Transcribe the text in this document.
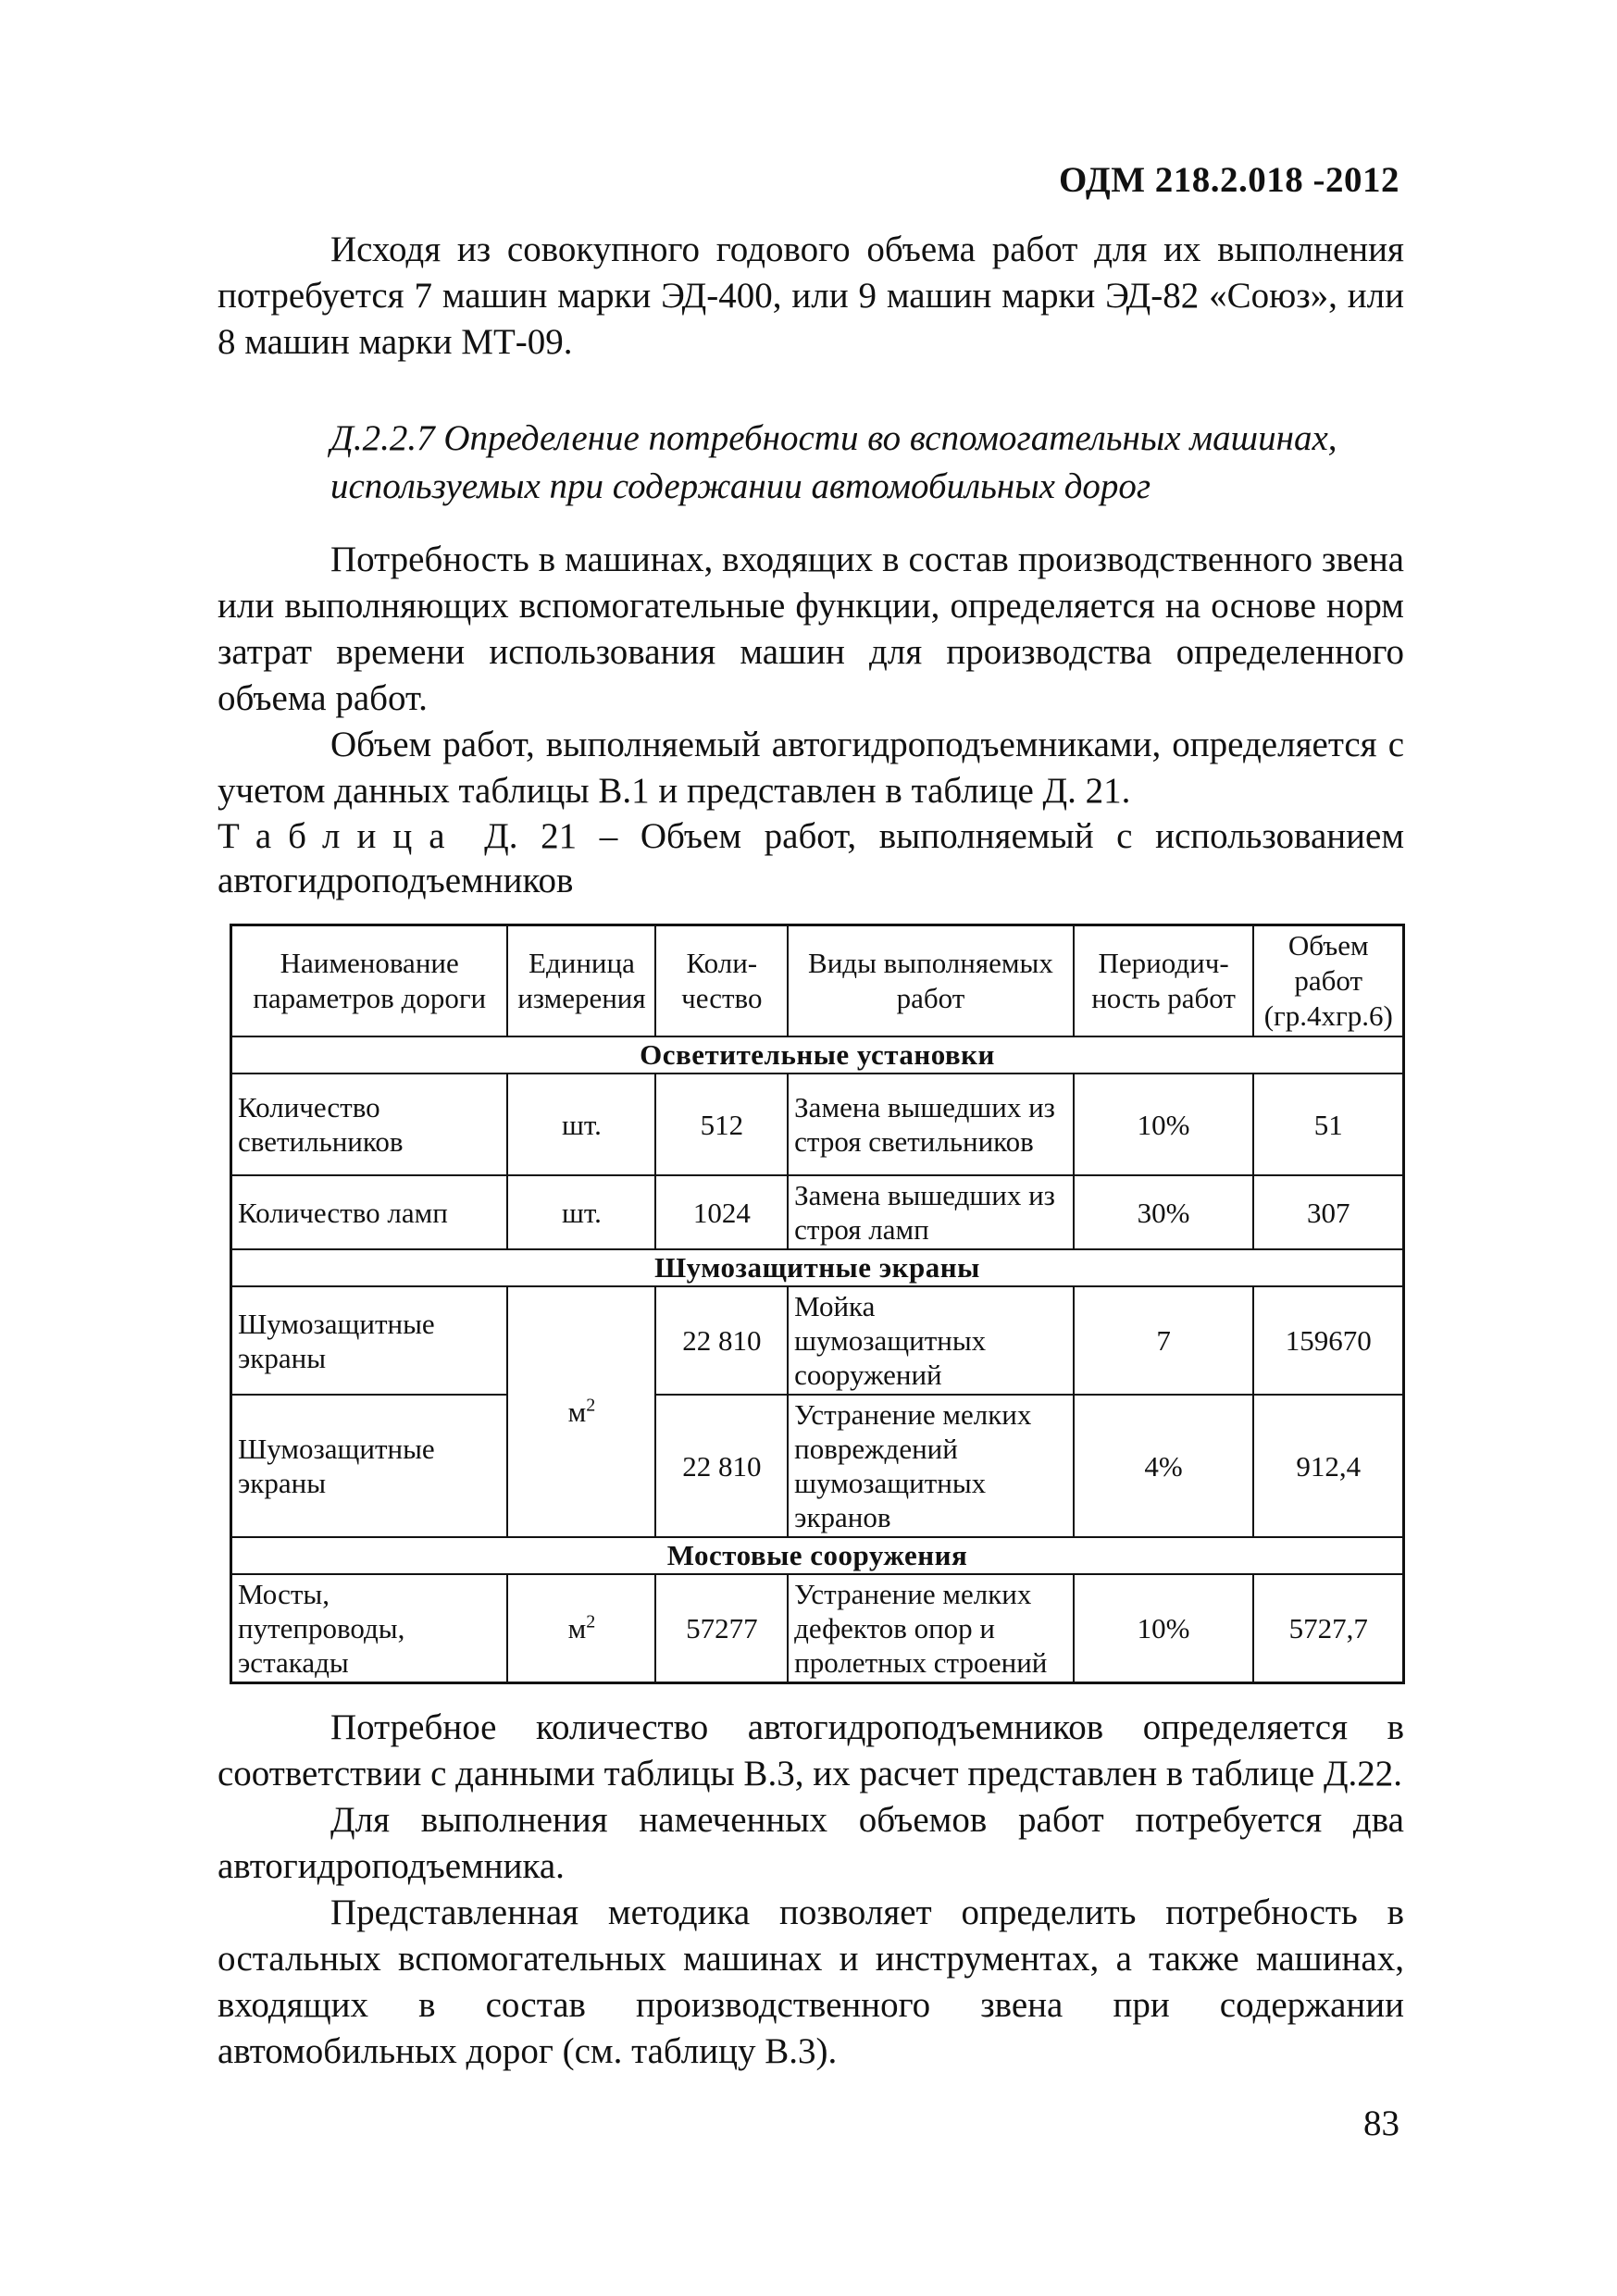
ОДМ 218.2.018 -2012

Исходя из совокупного годового объема работ для их выполнения потребуется 7 машин марки ЭД-400, или 9 машин марки ЭД-82 «Союз», или 8 машин марки МТ-09.

Д.2.2.7 Определение потребности во вспомогательных машинах, используемых при содержании автомобильных дорог

Потребность в машинах, входящих в состав производственного звена или выполняющих вспомогательные функции, определяется на основе норм затрат времени использования машин для производства определенного объема работ.

Объем работ, выполняемый автогидроподъемниками, определяется с учетом данных таблицы В.1 и представлен в таблице Д. 21.

Таблица Д. 21 – Объем работ, выполняемый с использованием автогидроподъемников

Наименование параметров дороги	Единица измерения	Коли-чество	Виды выполняемых работ	Периодич-ность работ	Объем работ (гр.4хгр.6)
Осветительные установки					
Количество светильников	шт.	512	Замена вышедших из строя светильников	10%	51
Количество ламп	шт.	1024	Замена вышедших из строя ламп	30%	307
Шумозащитные экраны					
Шумозащитные экраны	$м^2$	22 810	Мойка шумозащитных сооружений	7	159670
Шумозащитные экраны		22 810	Устранение мелких повреждений шумозащитных экранов	4%	912,4
Мостовые сооружения					
Мосты, путепроводы, эстакады	$м^2$	57277	Устранение мелких дефектов опор и пролетных строений	10%	5727,7

Потребное количество автогидроподъемников определяется в соответствии с данными таблицы В.3, их расчет представлен в таблице Д.22.

Для выполнения намеченных объемов работ потребуется два автогидроподъемника.

Представленная методика позволяет определить потребность в остальных вспомогательных машинах и инструментах, а также машинах, входящих в состав производственного звена при содержании автомобильных дорог (см. таблицу В.3).

83
